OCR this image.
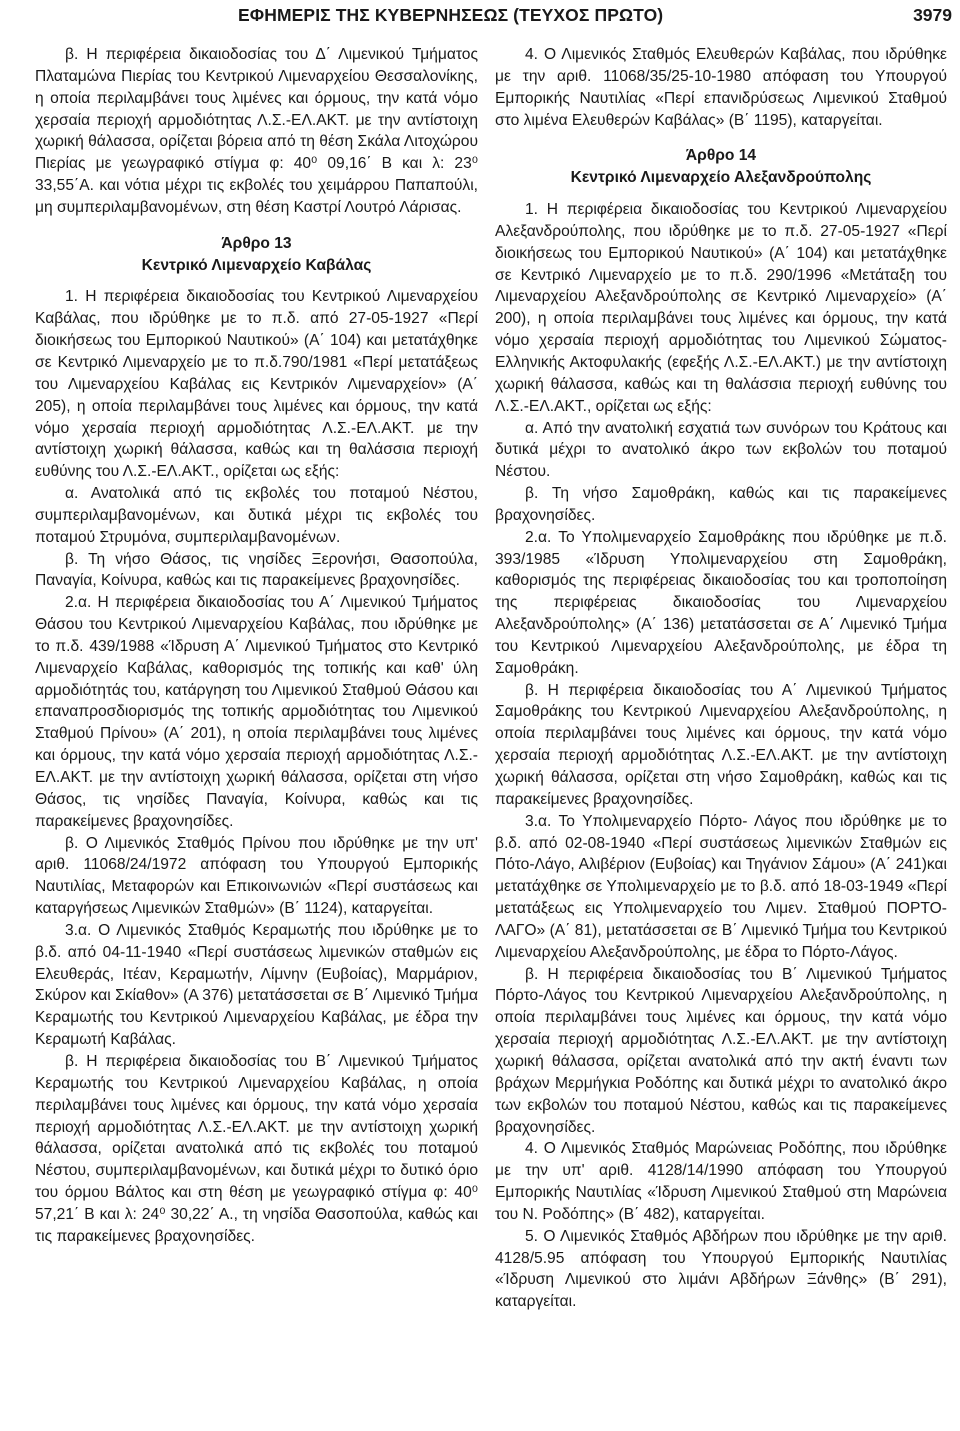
ΕΦΗΜΕΡΙΣ ΤΗΣ ΚΥΒΕΡΝΗΣΕΩΣ (ΤΕΥΧΟΣ ΠΡΩΤΟ)	3979

β. Η περιφέρεια δικαιοδοσίας του Δ΄ Λιμενικού Τμήματος Πλαταμώνα Πιερίας του Κεντρικού Λιμεναρχείου Θεσσαλονίκης, η οποία περιλαμβάνει τους λιμένες και όρμους, την κατά νόμο χερσαία περιοχή αρμοδιότητας Λ.Σ.-ΕΛ.ΑΚΤ. με την αντίστοιχη χωρική θάλασσα, ορίζεται βόρεια από τη θέση Σκάλα Λιτοχώρου Πιερίας με γεωγραφικό στίγμα φ: 40⁰ 09,16΄ Β και λ: 23⁰ 33,55΄Α. και νότια μέχρι τις εκβολές του χειμάρρου Παπαπούλι, μη συμπεριλαμβανομένων, στη θέση Καστρί Λουτρό Λάρισας.

Άρθρο 13
Κεντρικό Λιμεναρχείο Καβάλας

1. Η περιφέρεια δικαιοδοσίας του Κεντρικού Λιμεναρχείου Καβάλας, που ιδρύθηκε με το π.δ. από 27-05-1927 «Περί διοικήσεως του Εμπορικού Ναυτικού» (Α΄ 104) και μετατάχθηκε σε Κεντρικό Λιμεναρχείο με το π.δ.790/1981 «Περί μετατάξεως του Λιμεναρχείου Καβάλας εις Κεντρικόν Λιμεναρχείον» (Α΄ 205), η οποία περιλαμβάνει τους λιμένες και όρμους, την κατά νόμο χερσαία περιοχή αρμοδιότητας Λ.Σ.-ΕΛ.ΑΚΤ. με την αντίστοιχη χωρική θάλασσα, καθώς και τη θαλάσσια περιοχή ευθύνης του Λ.Σ.-ΕΛ.ΑΚΤ., ορίζεται ως εξής:

α. Ανατολικά από τις εκβολές του ποταμού Νέστου, συμπεριλαμβανομένων, και δυτικά μέχρι τις εκβολές του ποταμού Στρυμόνα, συμπεριλαμβανομένων.

β. Τη νήσο Θάσος, τις νησίδες Ξερονήσι, Θασοπούλα, Παναγία, Κοίνυρα, καθώς και τις παρακείμενες βραχονησίδες.

2.α. Η περιφέρεια δικαιοδοσίας του Α΄ Λιμενικού Τμήματος Θάσου του Κεντρικού Λιμεναρχείου Καβάλας, που ιδρύθηκε με το π.δ. 439/1988 «Ίδρυση Α΄ Λιμενικού Τμήματος στο Κεντρικό Λιμεναρχείο Καβάλας, καθορισμός της τοπικής και καθ' ύλη αρμοδιότητάς του, κατάργηση του Λιμενικού Σταθμού Θάσου και επαναπροσδιορισμός της τοπικής αρμοδιότητας του Λιμενικού Σταθμού Πρίνου» (Α΄ 201), η οποία περιλαμβάνει τους λιμένες και όρμους, την κατά νόμο χερσαία περιοχή αρμοδιότητας Λ.Σ.-ΕΛ.ΑΚΤ. με την αντίστοιχη χωρική θάλασσα, ορίζεται στη νήσο Θάσος, τις νησίδες Παναγία, Κοίνυρα, καθώς και τις παρακείμενες βραχονησίδες.

β. Ο Λιμενικός Σταθμός Πρίνου που ιδρύθηκε με την υπ' αριθ. 11068/24/1972 απόφαση του Υπουργού Εμπορικής Ναυτιλίας, Μεταφορών και Επικοινωνιών «Περί συστάσεως και καταργήσεως Λιμενικών Σταθμών» (Β΄ 1124), καταργείται.

3.α. Ο Λιμενικός Σταθμός Κεραμωτής που ιδρύθηκε με το β.δ. από 04-11-1940 «Περί συστάσεως λιμενικών σταθμών εις Ελευθεράς, Ιτέαν, Κεραμωτήν, Λίμνην (Ευβοίας), Μαρμάριον, Σκύρον και Σκίαθον» (Α 376) μετατάσσεται σε Β΄ Λιμενικό Τμήμα Κεραμωτής του Κεντρικού Λιμεναρχείου Καβάλας, με έδρα την Κεραμωτή Καβάλας.

β. Η περιφέρεια δικαιοδοσίας του Β΄ Λιμενικού Τμήματος Κεραμωτής του Κεντρικού Λιμεναρχείου Καβάλας, η οποία περιλαμβάνει τους λιμένες και όρμους, την κατά νόμο χερσαία περιοχή αρμοδιότητας Λ.Σ.-ΕΛ.ΑΚΤ. με την αντίστοιχη χωρική θάλασσα, ορίζεται ανατολικά από τις εκβολές του ποταμού Νέστου, συμπεριλαμβανομένων, και δυτικά μέχρι το δυτικό όριο του όρμου Βάλτος και στη θέση με γεωγραφικό στίγμα φ: 40⁰ 57,21΄ Β και λ: 24⁰ 30,22΄ Α., τη νησίδα Θασοπούλα, καθώς και τις παρακείμενες βραχονησίδες.

4. Ο Λιμενικός Σταθμός Ελευθερών Καβάλας, που ιδρύθηκε με την αριθ. 11068/35/25-10-1980 απόφαση του Υπουργού Εμπορικής Ναυτιλίας «Περί επανιδρύσεως Λιμενικού Σταθμού στο λιμένα Ελευθερών Καβάλας» (Β΄ 1195), καταργείται.

Άρθρο 14
Κεντρικό Λιμεναρχείο Αλεξανδρούπολης

1. Η περιφέρεια δικαιοδοσίας του Κεντρικού Λιμεναρχείου Αλεξανδρούπολης, που ιδρύθηκε με το π.δ. 27-05-1927 «Περί διοικήσεως του Εμπορικού Ναυτικού» (Α΄ 104) και μετατάχθηκε σε Κεντρικό Λιμεναρχείο με το π.δ. 290/1996 «Μετάταξη του Λιμεναρχείου Αλεξανδρούπολης σε Κεντρικό Λιμεναρχείο» (Α΄ 200), η οποία περιλαμβάνει τους λιμένες και όρμους, την κατά νόμο χερσαία περιοχή αρμοδιότητας του Λιμενικού Σώματος-Ελληνικής Ακτοφυλακής (εφεξής Λ.Σ.-ΕΛ.ΑΚΤ.) με την αντίστοιχη χωρική θάλασσα, καθώς και τη θαλάσσια περιοχή ευθύνης του Λ.Σ.-ΕΛ.ΑΚΤ., ορίζεται ως εξής:

α. Από την ανατολική εσχατιά των συνόρων του Κράτους και δυτικά μέχρι το ανατολικό άκρο των εκβολών του ποταμού Νέστου.

β. Τη νήσο Σαμοθράκη, καθώς και τις παρακείμενες βραχονησίδες.

2.α. Το Υπολιμεναρχείο Σαμοθράκης που ιδρύθηκε με π.δ. 393/1985 «Ίδρυση Υπολιμεναρχείου στη Σαμοθράκη, καθορισμός της περιφέρειας δικαιοδοσίας του και τροποποίηση της περιφέρειας δικαιοδοσίας του Λιμεναρχείου Αλεξανδρούπολης» (Α΄ 136) μετατάσσεται σε Α΄ Λιμενικό Τμήμα του Κεντρικού Λιμεναρχείου Αλεξανδρούπολης, με έδρα τη Σαμοθράκη.

β. Η περιφέρεια δικαιοδοσίας του Α΄ Λιμενικού Τμήματος Σαμοθράκης του Κεντρικού Λιμεναρχείου Αλεξανδρούπολης, η οποία περιλαμβάνει τους λιμένες και όρμους, την κατά νόμο χερσαία περιοχή αρμοδιότητας Λ.Σ.-ΕΛ.ΑΚΤ. με την αντίστοιχη χωρική θάλασσα, ορίζεται στη νήσο Σαμοθράκη, καθώς και τις παρακείμενες βραχονησίδες.

3.α. Το Υπολιμεναρχείο Πόρτο- Λάγος που ιδρύθηκε με το β.δ. από 02-08-1940 «Περί συστάσεως λιμενικών Σταθμών εις Πότο-Λάγο, Αλιβέριον (Ευβοίας) και Τηγάνιον Σάμου» (Α΄ 241)και μετατάχθηκε σε Υπολιμεναρχείο με το β.δ. από 18-03-1949 «Περί μετατάξεως εις Υπολιμεναρχείο του Λιμεν. Σταθμού ΠΟΡΤΟ- ΛΑΓΟ» (Α΄ 81), μετατάσσεται σε Β΄ Λιμενικό Τμήμα του Κεντρικού Λιμεναρχείου Αλεξανδρούπολης, με έδρα το Πόρτο-Λάγος.

β. Η περιφέρεια δικαιοδοσίας του Β΄ Λιμενικού Τμήματος Πόρτο-Λάγος του Κεντρικού Λιμεναρχείου Αλεξανδρούπολης, η οποία περιλαμβάνει τους λιμένες και όρμους, την κατά νόμο χερσαία περιοχή αρμοδιότητας Λ.Σ.-ΕΛ.ΑΚΤ. με την αντίστοιχη χωρική θάλασσα, ορίζεται ανατολικά από την ακτή έναντι των βράχων Μερμήγκια Ροδόπης και δυτικά μέχρι το ανατολικό άκρο των εκβολών του ποταμού Νέστου, καθώς και τις παρακείμενες βραχονησίδες.

4. Ο Λιμενικός Σταθμός Μαρώνειας Ροδόπης, που ιδρύθηκε με την υπ' αριθ. 4128/14/1990 απόφαση του Υπουργού Εμπορικής Ναυτιλίας «Ίδρυση Λιμενικού Σταθμού στη Μαρώνεια του Ν. Ροδόπης» (Β΄ 482), καταργείται.

5. Ο Λιμενικός Σταθμός Αβδήρων που ιδρύθηκε με την αριθ. 4128/5.95 απόφαση του Υπουργού Εμπορικής Ναυτιλίας «Ίδρυση Λιμενικού στο λιμάνι Αβδήρων Ξάνθης» (Β΄ 291), καταργείται.
